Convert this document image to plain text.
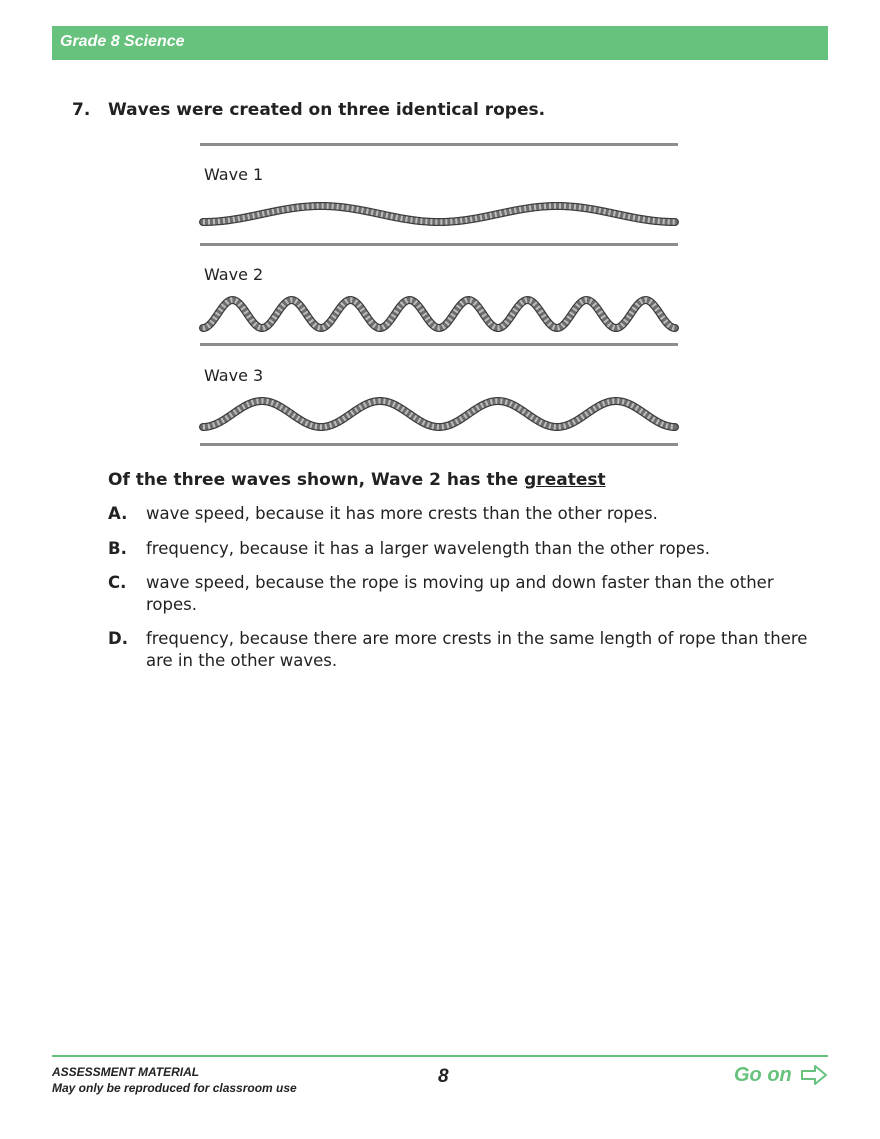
Grade 8 Science
7. Waves were created on three identical ropes.
Wave 1
Wave 2
Wave 3
Of the three waves shown, Wave 2 has the greatest
A. wave speed, because it has more crests than the other ropes.
B. frequency, because it has a larger wavelength than the other ropes.
C. wave speed, because the rope is moving up and down faster than the other ropes.
D. frequency, because there are more crests in the same length of rope than there are in the other waves.
ASSESSMENT MATERIAL
May only be reproduced for classroom use
8	Go on
